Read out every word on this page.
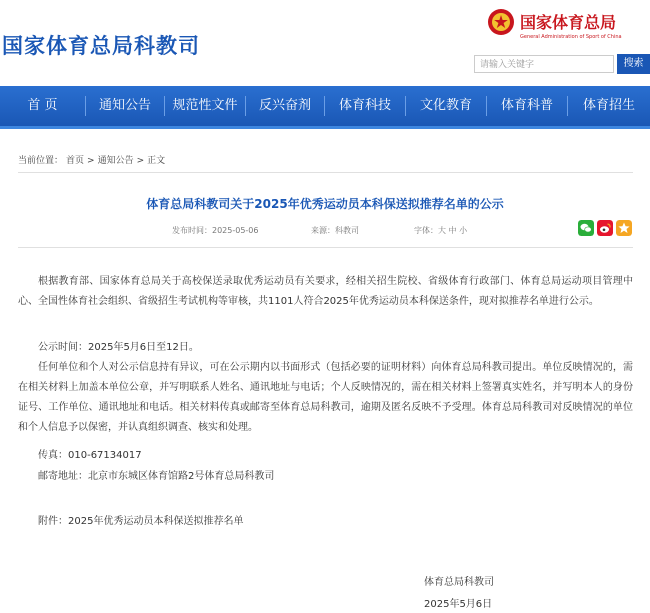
国家体育总局科教司
国家体育总局
General Administration of Sport of China
请输入关键字	搜索
首 页	通知公告	规范性文件	反兴奋剂	体育科技	文化教育	体育科普	体育招生
当前位置： 首页 > 通知公告 > 正文
体育总局科教司关于2025年优秀运动员本科保送拟推荐名单的公示
发布时间：2025-05-06	来源：科教司	字体：大 中 小

根据教育部、国家体育总局关于高校保送录取优秀运动员有关要求，经相关招生院校、省级体育行政部门、体育总局运动项目管理中心、全国性体育社会组织、省级招生考试机构等审核，共1101人符合2025年优秀运动员本科保送条件，现对拟推荐名单进行公示。

公示时间：2025年5月6日至12日。

任何单位和个人对公示信息持有异议，可在公示期内以书面形式（包括必要的证明材料）向体育总局科教司提出。单位反映情况的，需在相关材料上加盖本单位公章，并写明联系人姓名、通讯地址与电话；个人反映情况的，需在相关材料上签署真实姓名，并写明本人的身份证号、工作单位、通讯地址和电话。相关材料传真或邮寄至体育总局科教司，逾期及匿名反映不予受理。体育总局科教司对反映情况的单位和个人信息予以保密，并认真组织调查、核实和处理。

传真：010-67134017
邮寄地址：北京市东城区体育馆路2号体育总局科教司
附件：2025年优秀运动员本科保送拟推荐名单
体育总局科教司
2025年5月6日
